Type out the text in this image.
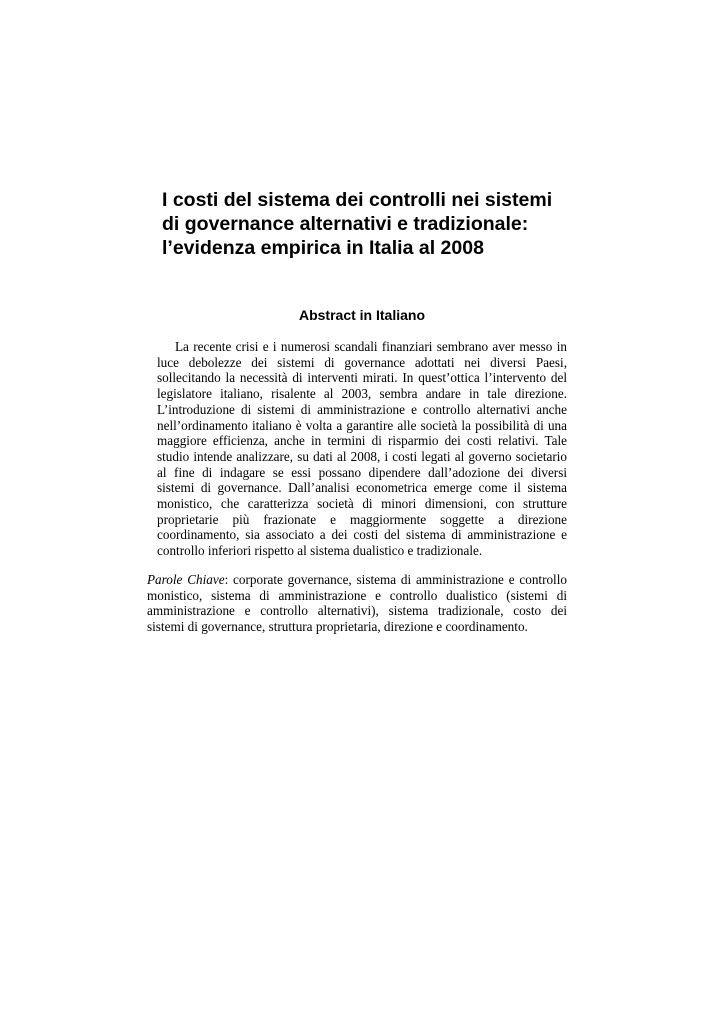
I costi del sistema dei controlli nei sistemi
di governance alternativi e tradizionale:
l’evidenza empirica in Italia al 2008
Abstract in Italiano
La recente crisi e i numerosi scandali finanziari sembrano aver messo in
luce debolezze dei sistemi di governance adottati nei diversi Paesi,
sollecitando la necessità di interventi mirati. In quest’ottica l’intervento del
legislatore italiano, risalente al 2003, sembra andare in tale direzione.
L’introduzione di sistemi di amministrazione e controllo alternativi anche
nell’ordinamento italiano è volta a garantire alle società la possibilità di una
maggiore efficienza, anche in termini di risparmio dei costi relativi. Tale
studio intende analizzare, su dati al 2008, i costi legati al governo societario
al fine di indagare se essi possano dipendere dall’adozione dei diversi
sistemi di governance. Dall’analisi econometrica emerge come il sistema
monistico, che caratterizza società di minori dimensioni, con strutture
proprietarie più frazionate e maggiormente soggette a direzione
coordinamento, sia associato a dei costi del sistema di amministrazione e
controllo inferiori rispetto al sistema dualistico e tradizionale.
Parole Chiave: corporate governance, sistema di amministrazione e controllo
monistico, sistema di amministrazione e controllo dualistico (sistemi di
amministrazione e controllo alternativi), sistema tradizionale, costo dei
sistemi di governance, struttura proprietaria, direzione e coordinamento.
